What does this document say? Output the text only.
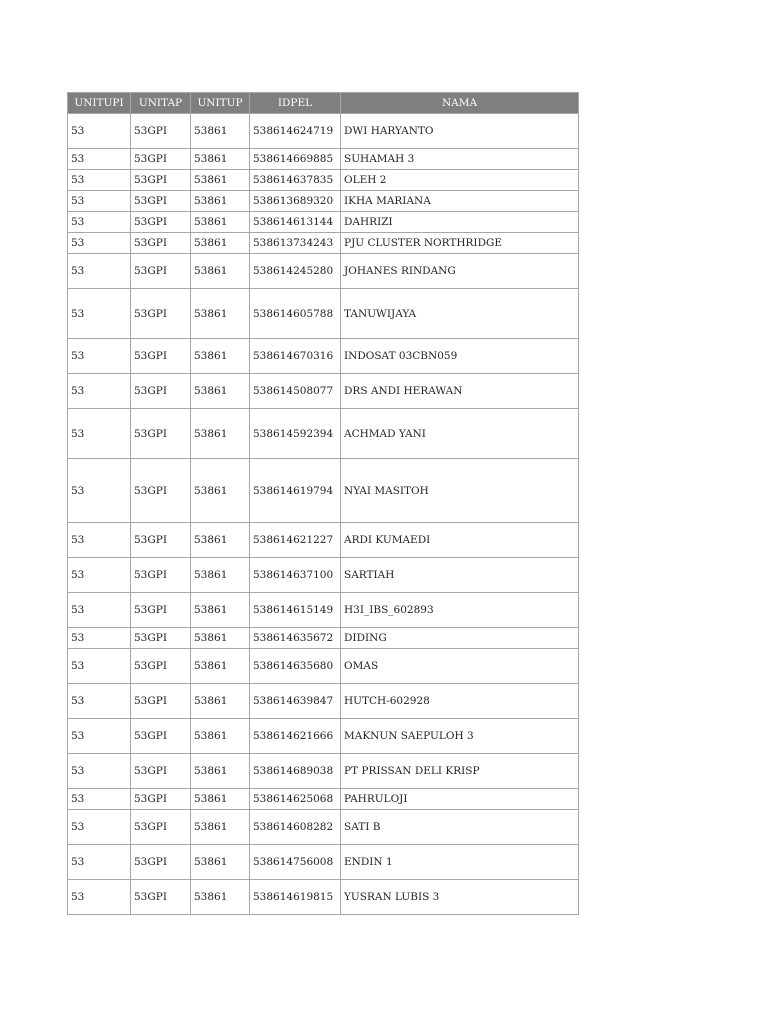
UNITUPI	UNITAP	UNITUP	IDPEL	NAMA
53	53GPI	53861	538614624719	DWI HARYANTO
53	53GPI	53861	538614669885	SUHAMAH 3
53	53GPI	53861	538614637835	OLEH 2
53	53GPI	53861	538613689320	IKHA MARIANA
53	53GPI	53861	538614613144	DAHRIZI
53	53GPI	53861	538613734243	PJU CLUSTER NORTHRIDGE
53	53GPI	53861	538614245280	JOHANES RINDANG
53	53GPI	53861	538614605788	TANUWIJAYA
53	53GPI	53861	538614670316	INDOSAT 03CBN059
53	53GPI	53861	538614508077	DRS ANDI HERAWAN
53	53GPI	53861	538614592394	ACHMAD YANI
53	53GPI	53861	538614619794	NYAI MASITOH
53	53GPI	53861	538614621227	ARDI KUMAEDI
53	53GPI	53861	538614637100	SARTIAH
53	53GPI	53861	538614615149	H3I_IBS_602893
53	53GPI	53861	538614635672	DIDING
53	53GPI	53861	538614635680	OMAS
53	53GPI	53861	538614639847	HUTCH-602928
53	53GPI	53861	538614621666	MAKNUN SAEPULOH 3
53	53GPI	53861	538614689038	PT PRISSAN DELI KRISP
53	53GPI	53861	538614625068	PAHRULOJI
53	53GPI	53861	538614608282	SATI B
53	53GPI	53861	538614756008	ENDIN 1
53	53GPI	53861	538614619815	YUSRAN LUBIS 3
